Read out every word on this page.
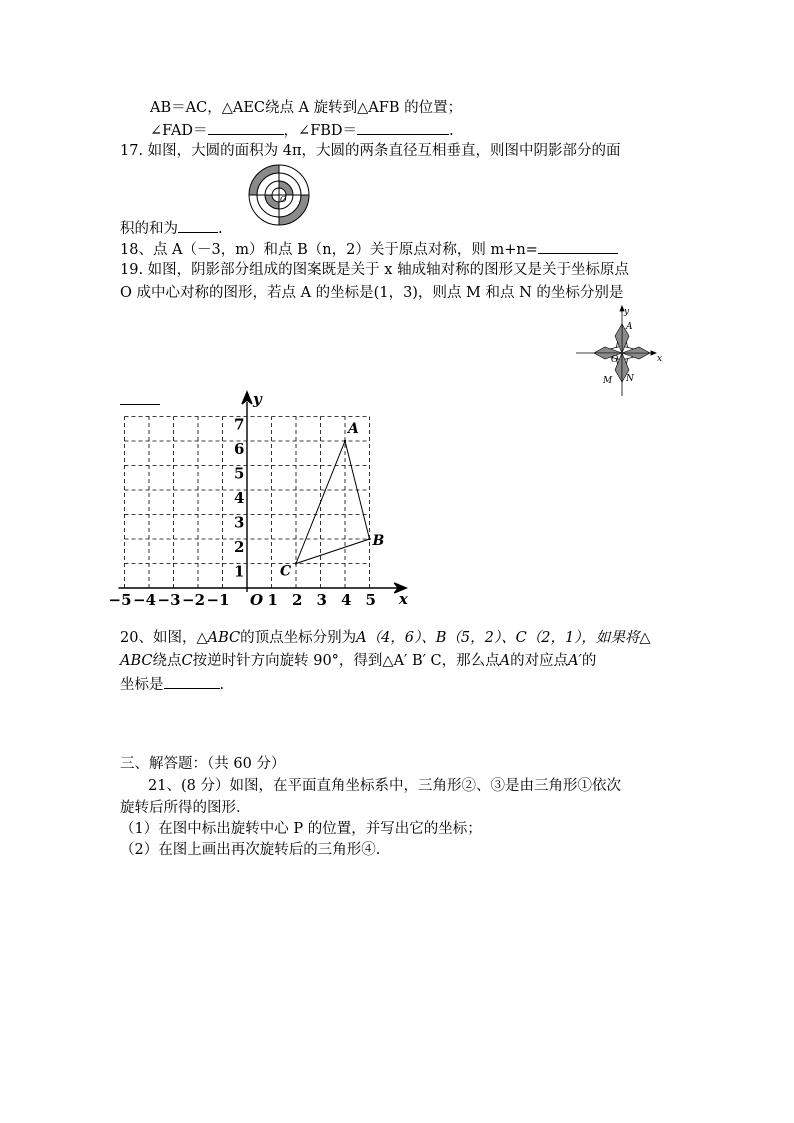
AB＝AC，△AEC绕点 A 旋转到△AFB 的位置；
∠FAD＝	，∠FBD＝	.
17. 如图，大圆的面积为 4π，大圆的两条直径互相垂直，则图中阴影部分的面
O
积的和为	.
18、点 A（－3，m）和点 B（n，2）关于原点对称，则 m+n=
19. 如图，阴影部分组成的图案既是关于 x 轴成轴对称的图形又是关于坐标原点
O 成中心对称的图形，若点 A 的坐标是(1，3)，则点 M 和点 N 的坐标分别是
y
x
O
A
M N
−5 −4 −3 −2 −1 O 1 2 3 4 5
1
2
3
4
5
6
7	A
B
C
x
y
20、如图，△ABC的顶点坐标分别为A（4，6）、B（5，2）、C（2，1），如果将△
ABC绕点C按逆时针方向旋转 90°，得到△A′ B′ C，那么点A的对应点A′的
坐标是	.
三、解答题：（共 60 分）
21、(8 分）如图，在平面直角坐标系中，三角形②、③是由三角形①依次
旋转后所得的图形.
（1）在图中标出旋转中心 P 的位置，并写出它的坐标；
（2）在图上画出再次旋转后的三角形④.
